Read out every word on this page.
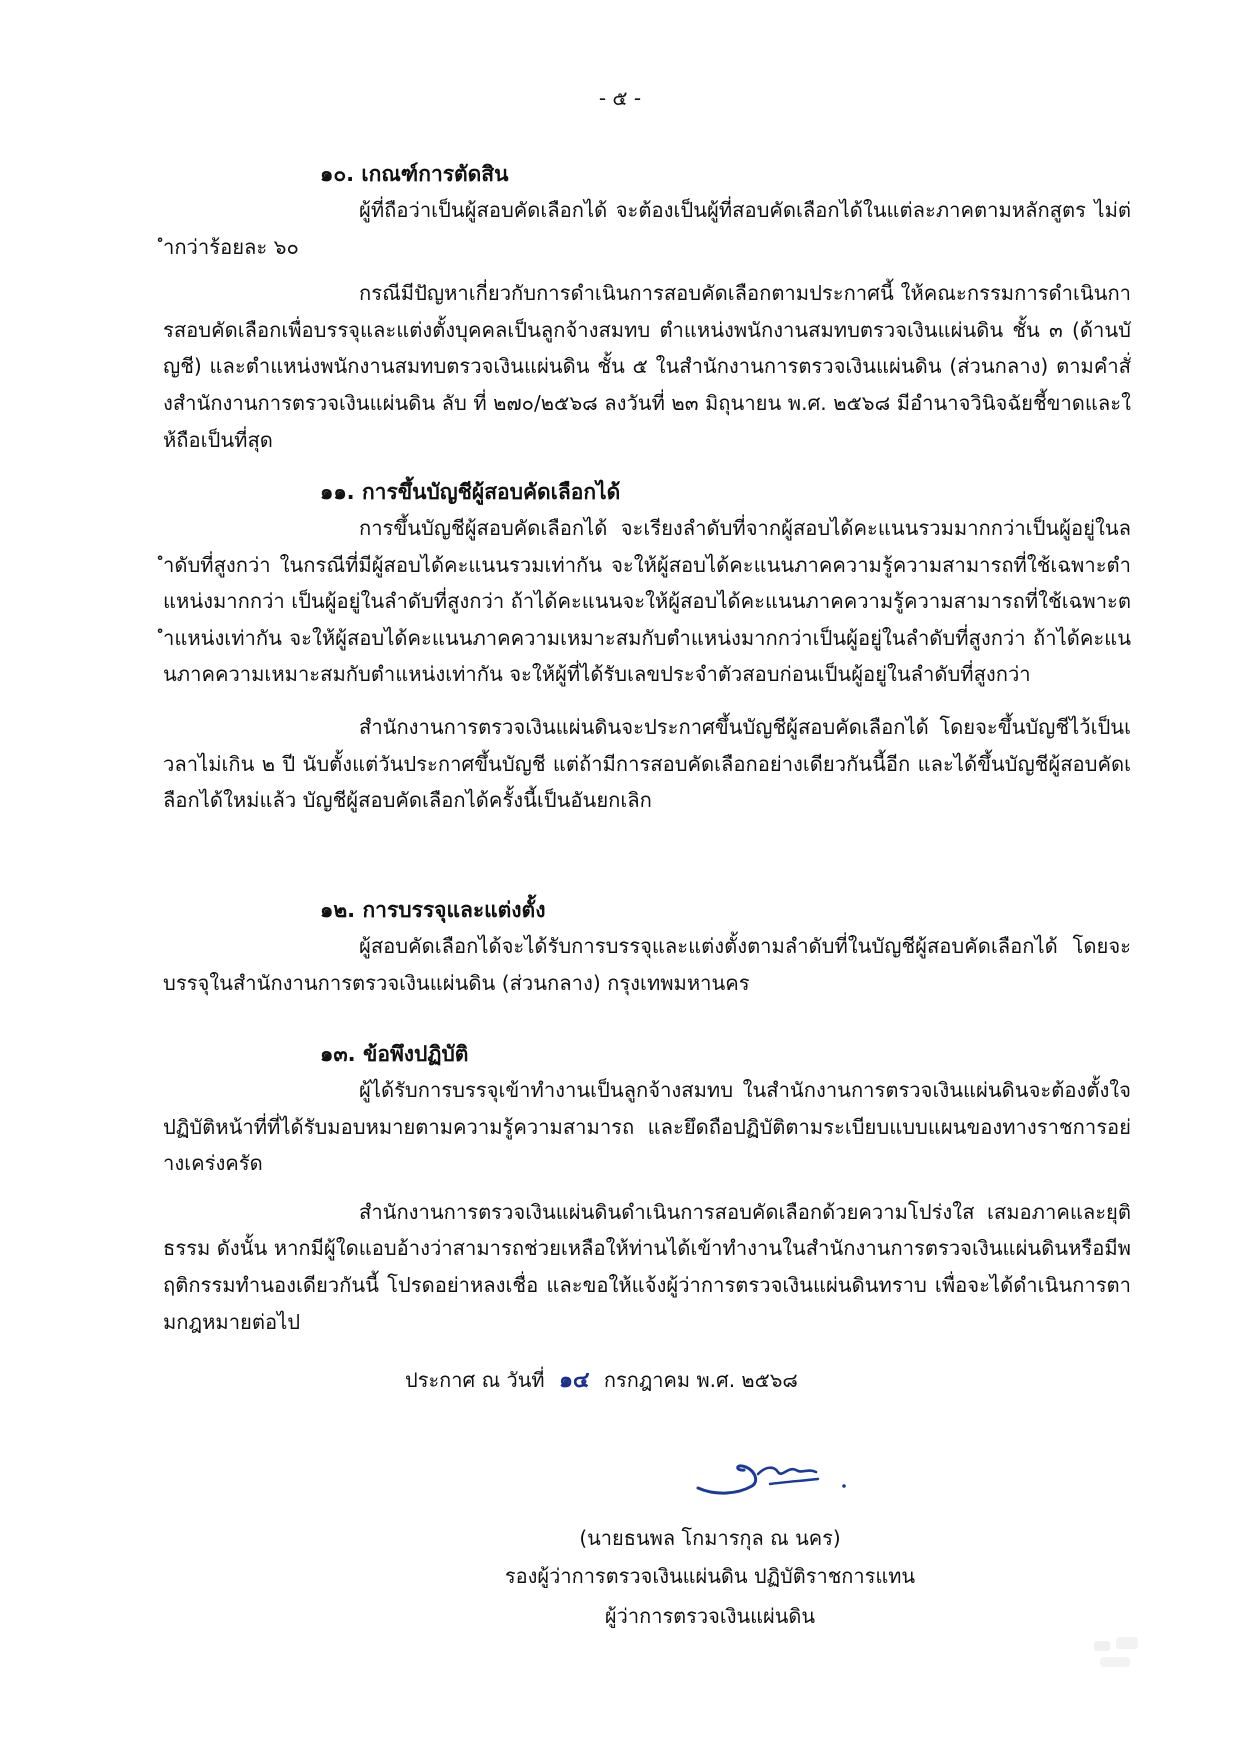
- ๕ -
๑๐. เกณฑ์การตัดสิน

ผู้ที่ถือว่าเป็นผู้สอบคัดเลือกได้ จะต้องเป็นผู้ที่สอบคัดเลือกได้ในแต่ละภาคตามหลักสูตร ไม่ต่ำกว่าร้อยละ ๖๐

กรณีมีปัญหาเกี่ยวกับการดำเนินการสอบคัดเลือกตามประกาศนี้ ให้คณะกรรมการดำเนินการสอบคัดเลือกเพื่อบรรจุและแต่งตั้งบุคคลเป็นลูกจ้างสมทบ ตำแหน่งพนักงานสมทบตรวจเงินแผ่นดิน ชั้น ๓ (ด้านบัญชี) และตำแหน่งพนักงานสมทบตรวจเงินแผ่นดิน ชั้น ๕ ในสำนักงานการตรวจเงินแผ่นดิน (ส่วนกลาง) ตามคำสั่งสำนักงานการตรวจเงินแผ่นดิน ลับ ที่ ๒๗๐/๒๕๖๘ ลงวันที่ ๒๓ มิถุนายน พ.ศ. ๒๕๖๘ มีอำนาจวินิจฉัยชี้ขาดและให้ถือเป็นที่สุด

๑๑. การขึ้นบัญชีผู้สอบคัดเลือกได้

การขึ้นบัญชีผู้สอบคัดเลือกได้ จะเรียงลำดับที่จากผู้สอบได้คะแนนรวมมากกว่าเป็นผู้อยู่ในลำดับที่สูงกว่า ในกรณีที่มีผู้สอบได้คะแนนรวมเท่ากัน จะให้ผู้สอบได้คะแนนภาคความรู้ความสามารถที่ใช้เฉพาะตำแหน่งมากกว่า เป็นผู้อยู่ในลำดับที่สูงกว่า ถ้าได้คะแนนจะให้ผู้สอบได้คะแนนภาคความรู้ความสามารถที่ใช้เฉพาะตำแหน่งเท่ากัน จะให้ผู้สอบได้คะแนนภาคความเหมาะสมกับตำแหน่งมากกว่าเป็นผู้อยู่ในลำดับที่สูงกว่า ถ้าได้คะแนนภาคความเหมาะสมกับตำแหน่งเท่ากัน จะให้ผู้ที่ได้รับเลขประจำตัวสอบก่อนเป็นผู้อยู่ในลำดับที่สูงกว่า

สำนักงานการตรวจเงินแผ่นดินจะประกาศขึ้นบัญชีผู้สอบคัดเลือกได้ โดยจะขึ้นบัญชีไว้เป็นเวลาไม่เกิน ๒ ปี นับตั้งแต่วันประกาศขึ้นบัญชี แต่ถ้ามีการสอบคัดเลือกอย่างเดียวกันนี้อีก และได้ขึ้นบัญชีผู้สอบคัดเลือกได้ใหม่แล้ว บัญชีผู้สอบคัดเลือกได้ครั้งนี้เป็นอันยกเลิก

๑๒. การบรรจุและแต่งตั้ง

ผู้สอบคัดเลือกได้จะได้รับการบรรจุและแต่งตั้งตามลำดับที่ในบัญชีผู้สอบคัดเลือกได้ โดยจะบรรจุในสำนักงานการตรวจเงินแผ่นดิน (ส่วนกลาง) กรุงเทพมหานคร

๑๓. ข้อพึงปฏิบัติ

ผู้ได้รับการบรรจุเข้าทำงานเป็นลูกจ้างสมทบ ในสำนักงานการตรวจเงินแผ่นดินจะต้องตั้งใจปฏิบัติหน้าที่ที่ได้รับมอบหมายตามความรู้ความสามารถ และยึดถือปฏิบัติตามระเบียบแบบแผนของทางราชการอย่างเคร่งครัด

สำนักงานการตรวจเงินแผ่นดินดำเนินการสอบคัดเลือกด้วยความโปร่งใส เสมอภาคและยุติธรรม ดังนั้น หากมีผู้ใดแอบอ้างว่าสามารถช่วยเหลือให้ท่านได้เข้าทำงานในสำนักงานการตรวจเงินแผ่นดินหรือมีพฤติกรรมทำนองเดียวกันนี้ โปรดอย่าหลงเชื่อ และขอให้แจ้งผู้ว่าการตรวจเงินแผ่นดินทราบ เพื่อจะได้ดำเนินการตามกฎหมายต่อไป

ประกาศ ณ วันที่ ๑๔ กรกฎาคม พ.ศ. ๒๕๖๘
(นายธนพล โกมารกุล ณ นคร)
รองผู้ว่าการตรวจเงินแผ่นดิน ปฏิบัติราชการแทน
ผู้ว่าการตรวจเงินแผ่นดิน
